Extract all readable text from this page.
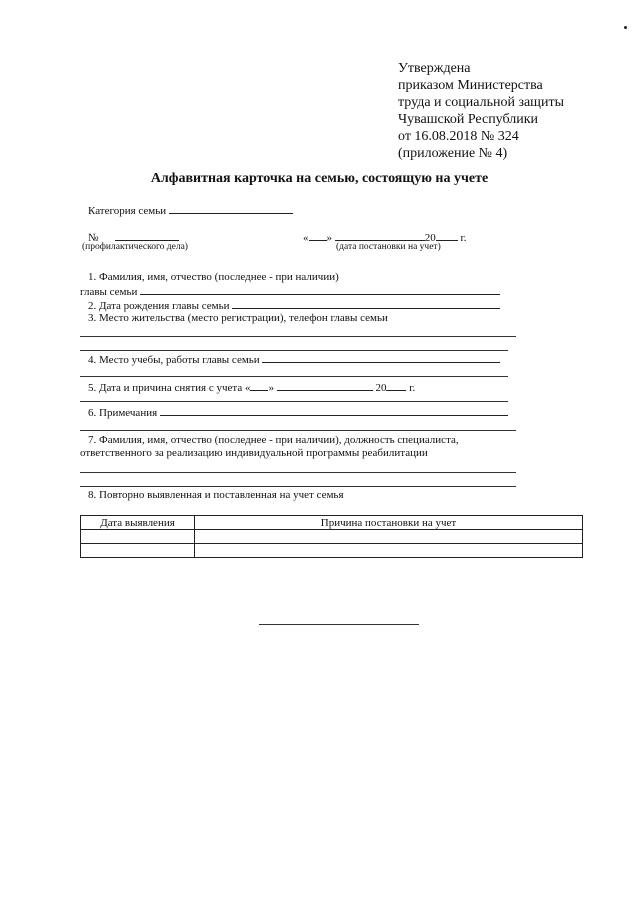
Утверждена
приказом Министерства
труда и социальной защиты
Чувашской Республики
от 16.08.2018 № 324
(приложение № 4)
Алфавитная карточка на семью, состоящую на учете
Категория семьи
№
(профилактического дела)
« »	20 г.
(дата постановки на учет)
1. Фамилия, имя, отчество (последнее - при наличии)
главы семьи
2. Дата рождения главы семьи
3. Место жительства (место регистрации), телефон главы семьи
4. Место учебы, работы главы семьи
5. Дата и причина снятия с учета « »	20 г.
6. Примечания
7. Фамилия, имя, отчество (последнее - при наличии), должность специалиста,
ответственного за реализацию индивидуальной программы реабилитации
8. Повторно выявленная и поставленная на учет семья
Дата выявления	Причина постановки на учет
